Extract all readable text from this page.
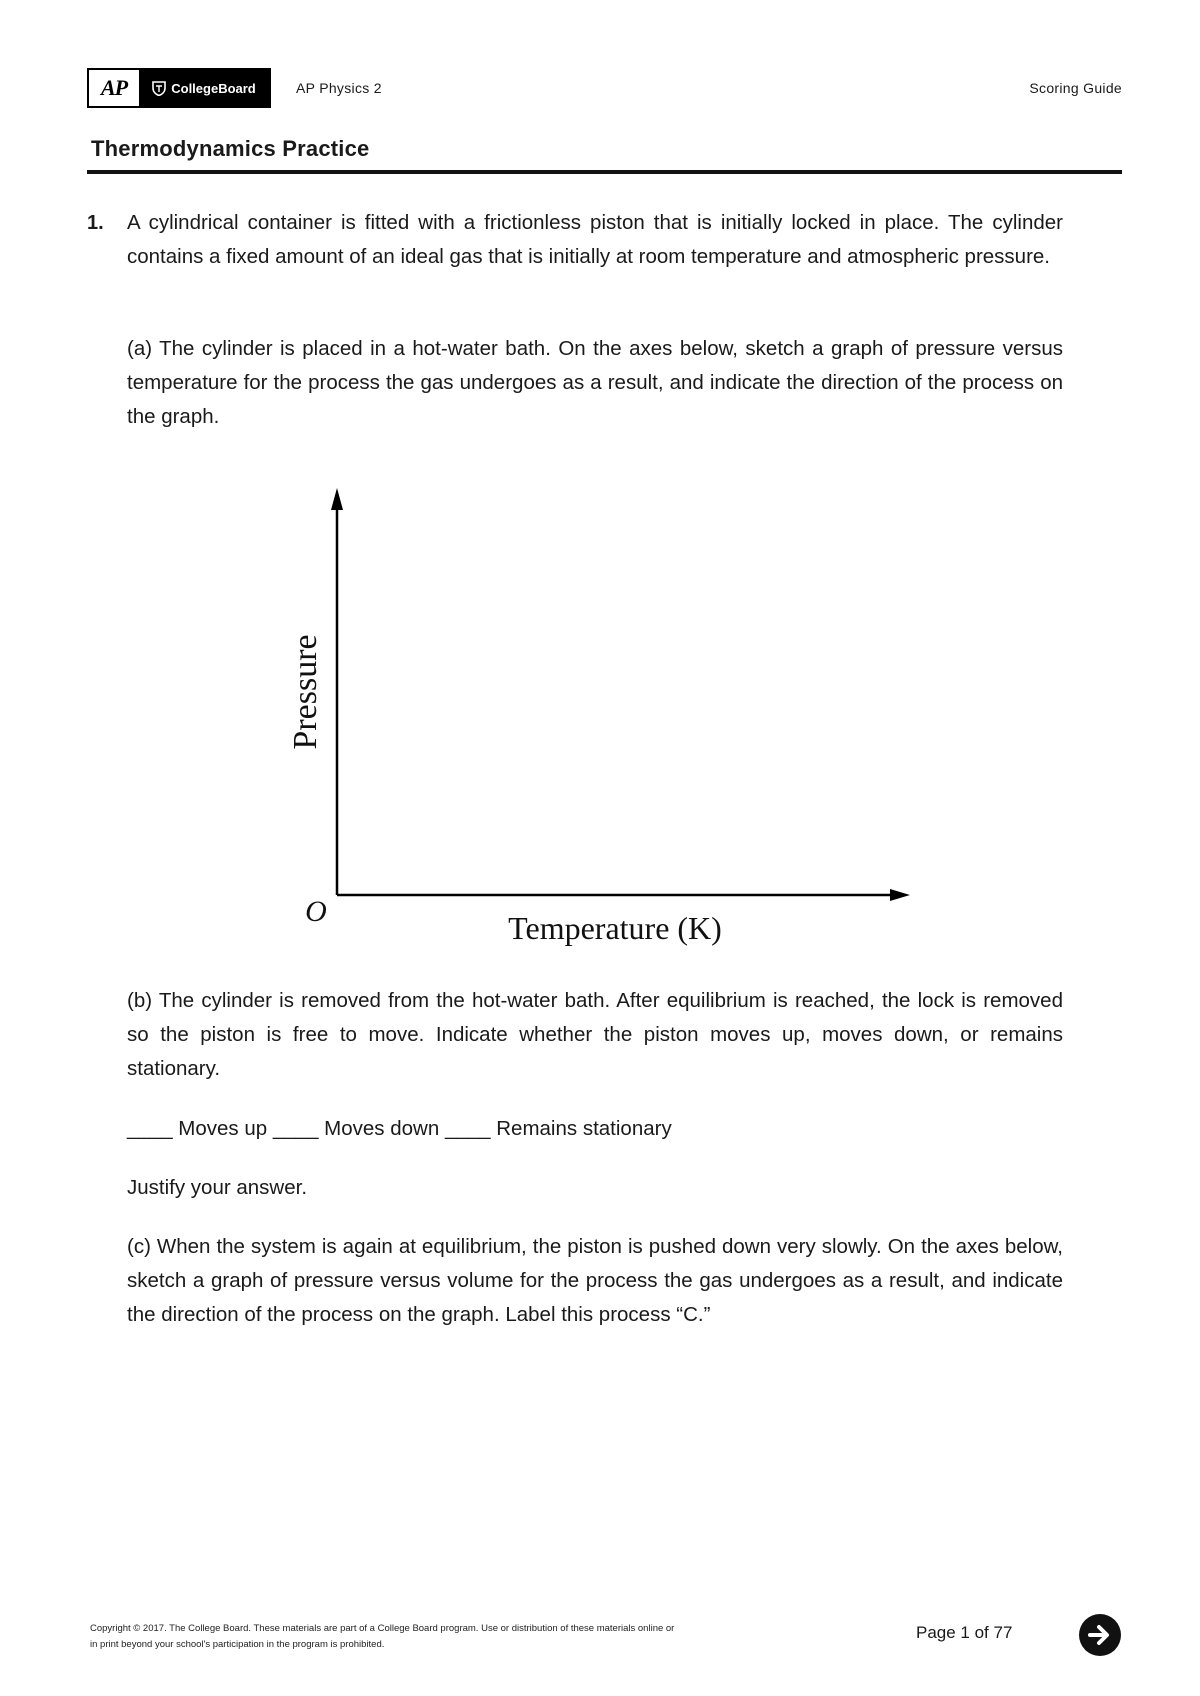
AP	CollegeBoard	AP Physics 2	Scoring Guide
Thermodynamics Practice
1. A cylindrical container is fitted with a frictionless piston that is initially locked in place. The cylinder contains a fixed amount of an ideal gas that is initially at room temperature and atmospheric pressure.
(a) The cylinder is placed in a hot-water bath. On the axes below, sketch a graph of pressure versus temperature for the process the gas undergoes as a result, and indicate the direction of the process on the graph.
Pressure
Temperature (K)
O
(b) The cylinder is removed from the hot-water bath. After equilibrium is reached, the lock is removed so the piston is free to move. Indicate whether the piston moves up, moves down, or remains stationary.
____ Moves up ____ Moves down ____ Remains stationary
Justify your answer.
(c) When the system is again at equilibrium, the piston is pushed down very slowly. On the axes below, sketch a graph of pressure versus volume for the process the gas undergoes as a result, and indicate the direction of the process on the graph. Label this process “C.”
Copyright © 2017. The College Board. These materials are part of a College Board program. Use or distribution of these materials online or
in print beyond your school's participation in the program is prohibited.
Page 1 of 77
